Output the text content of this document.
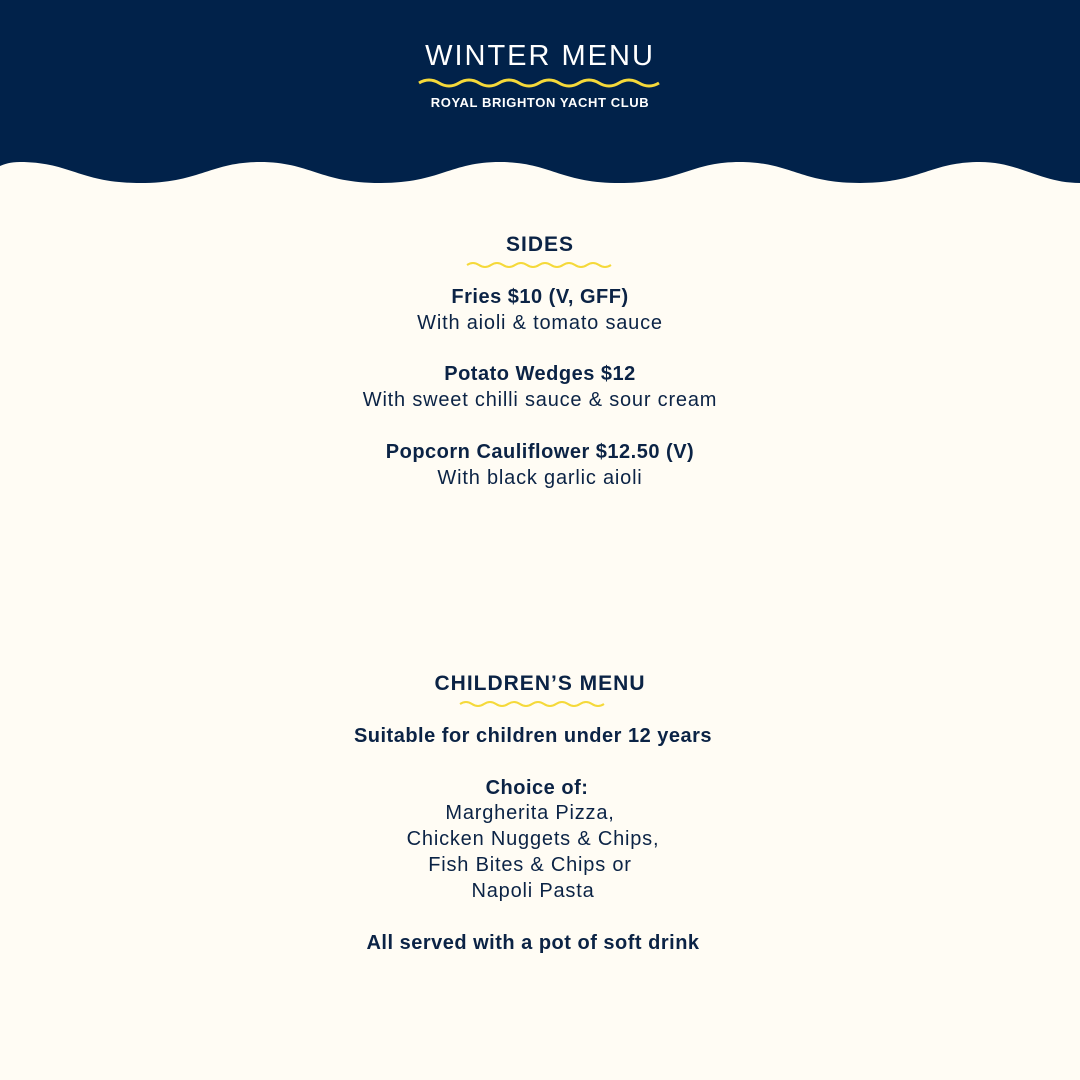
WINTER MENU
ROYAL BRIGHTON YACHT CLUB
SIDES
Fries $10 (V, GFF)
With aioli & tomato sauce
Potato Wedges $12
With sweet chilli sauce & sour cream
Popcorn Cauliflower $12.50 (V)
With black garlic aioli
CHILDREN’S MENU
Suitable for children under 12 years
Choice of:
Margherita Pizza,
Chicken Nuggets & Chips,
Fish Bites & Chips or
Napoli Pasta
All served with a pot of soft drink
